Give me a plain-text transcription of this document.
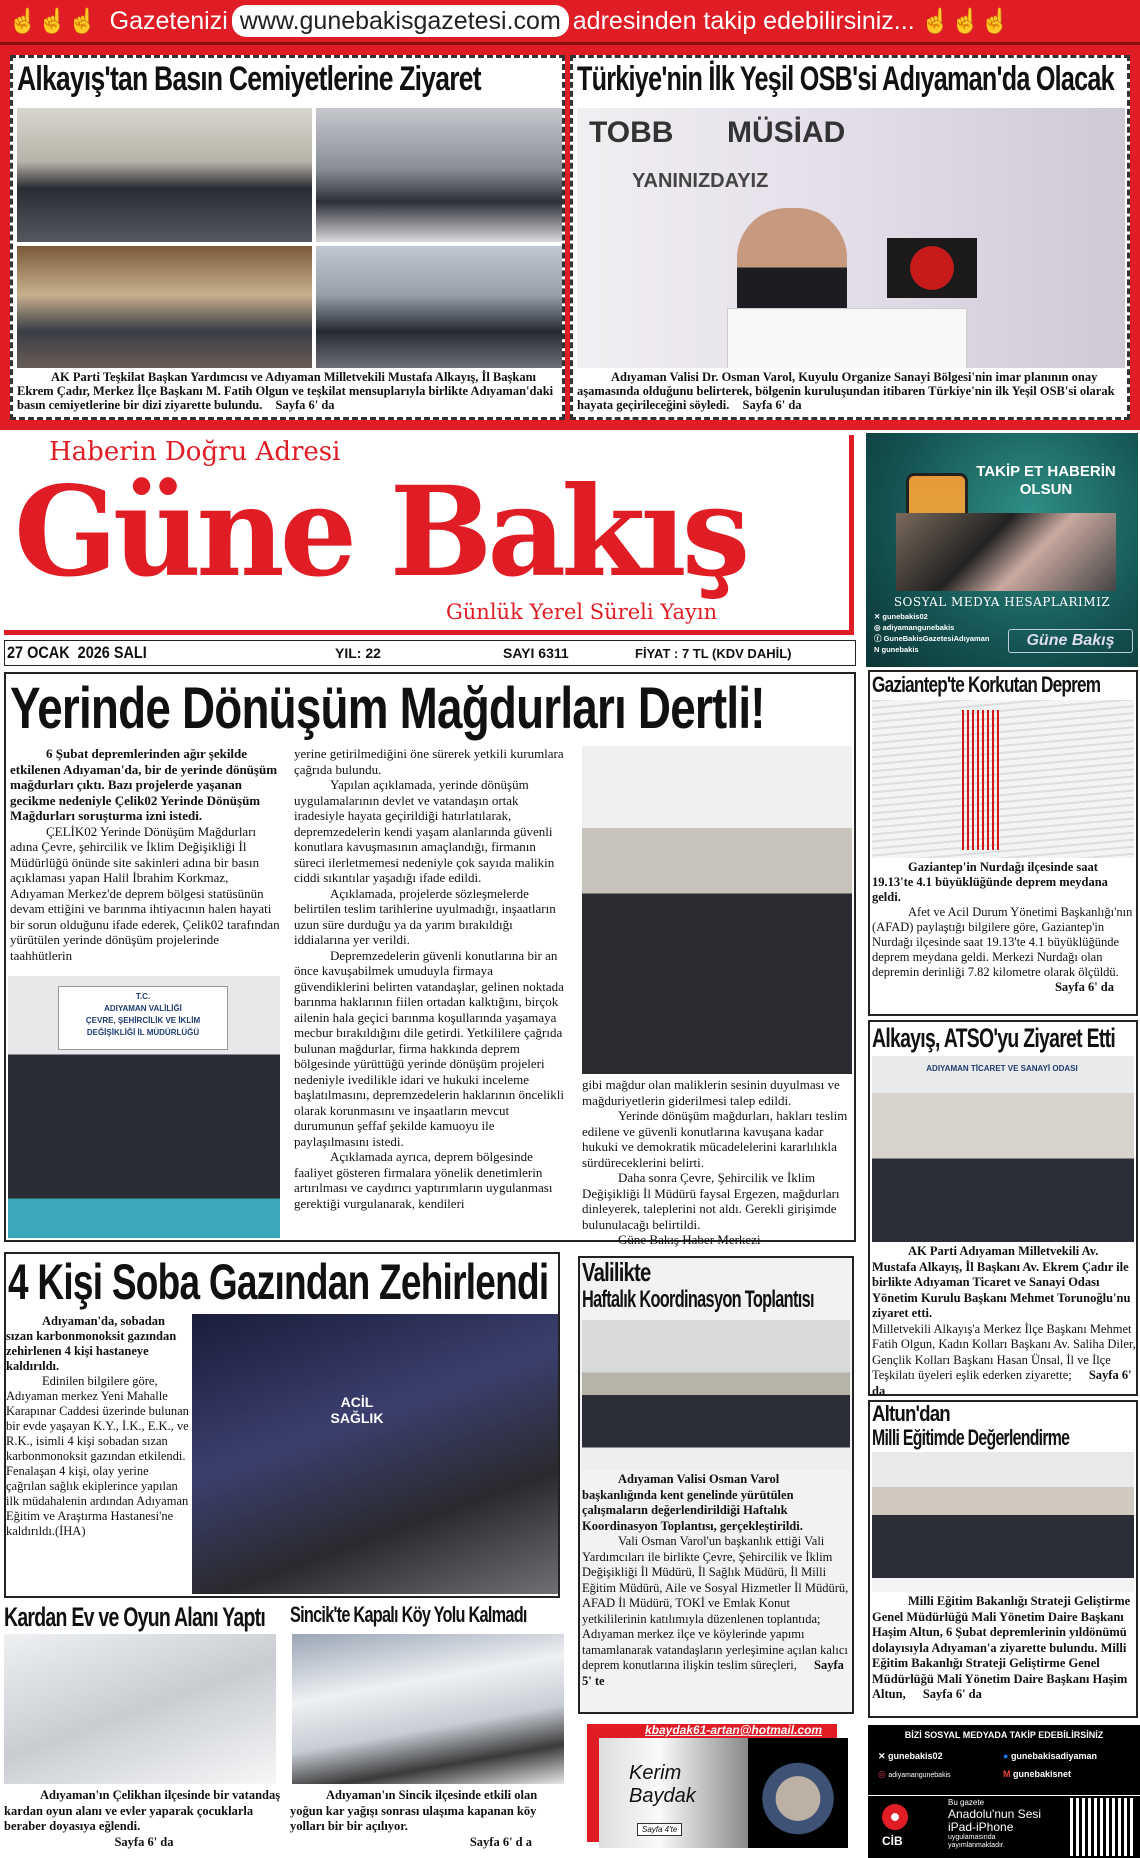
☝☝☝ Gazetenizi www.gunebakisgazetesi.com adresinden takip edebilirsiniz... ☝☝☝
Alkayış'tan Basın Cemiyetlerine Ziyaret
AK Parti Teşkilat Başkan Yardımcısı ve Adıyaman Milletvekili Mustafa Alkayış, İl Başkanı Ekrem Çadır, Merkez İlçe Başkanı M. Fatih Olgun ve teşkilat mensuplarıyla birlikte Adıyaman'daki basın cemiyetlerine bir dizi ziyarette bulundu. Sayfa 6' da
Türkiye'nin İlk Yeşil OSB'si Adıyaman'da Olacak
TOBB MÜSİAD
YANINIZDAYIZ
Adıyaman Valisi Dr. Osman Varol, Kuyulu Organize Sanayi Bölgesi'nin imar planının onay aşamasında olduğunu belirterek, bölgenin kuruluşundan itibaren Türkiye'nin ilk Yeşil OSB'si olarak hayata geçirileceğini söyledi. Sayfa 6' da
Haberin Doğru Adresi
Güne Bakış
Günlük Yerel Süreli Yayın
TAKİP ET HABERİN
OLSUN
SOSYAL MEDYA HESAPLARIMIZ
✕ gunebakis02
◎ adiyamangunebakis
ⓕ GuneBakisGazetesiAdıyaman
N gunebakis
Güne Bakış
27 OCAK  2026 SALI	YIL: 22	SAYI 6311	FİYAT : 7 TL (KDV DAHİL)
Yerinde Dönüşüm Mağdurları Dertli!

6 Şubat depremlerinden ağır şekilde etkilenen Adıyaman'da, bir de yerinde dönüşüm mağdurları çıktı. Bazı projelerde yaşanan gecikme nedeniyle Çelik02 Yerinde Dönüşüm Mağdurları soruşturma izni istedi.

ÇELİK02 Yerinde Dönüşüm Mağdurları adına Çevre, şehircilik ve İklim Değişikliği İl Müdürlüğü önünde site sakinleri adına bir basın açıklaması yapan Halil İbrahim Korkmaz, Adıyaman Merkez'de deprem bölgesi statüsünün devam ettiğini ve barınma ihtiyacının halen hayati bir sorun olduğunu ifade ederek, Çelik02 tarafından yürütülen yerinde dönüşüm projelerinde taahhütlerin

T.C.
ADIYAMAN VALİLİĞİ
ÇEVRE, ŞEHİRCİLİK VE İKLİM
DEĞİŞİKLİĞİ İL MÜDÜRLÜĞÜ

yerine getirilmediğini öne sürerek yetkili kurumlara çağrıda bulundu.

Yapılan açıklamada, yerinde dönüşüm uygulamalarının devlet ve vatandaşın ortak iradesiyle hayata geçirildiği hatırlatılarak, depremzedelerin kendi yaşam alanlarında güvenli konutlara kavuşmasının amaçlandığı, firmanın süreci ilerletmemesi nedeniyle çok sayıda malikin ciddi sıkıntılar yaşadığı ifade edildi.

Açıklamada, projelerde sözleşmelerde belirtilen teslim tarihlerine uyulmadığı, inşaatların uzun süre durduğu ya da yarım bırakıldığı iddialarına yer verildi.

Depremzedelerin güvenli konutlarına bir an önce kavuşabilmek umuduyla firmaya güvendiklerini belirten vatandaşlar, gelinen noktada barınma haklarının fiilen ortadan kalktığını, birçok ailenin hala geçici barınma koşullarında yaşamaya mecbur bırakıldığını dile getirdi. Yetkililere çağrıda bulunan mağdurlar, firma hakkında deprem bölgesinde yürüttüğü yerinde dönüşüm projeleri nedeniyle ivedilikle idari ve hukuki inceleme başlatılmasını, depremzedelerin haklarının öncelikli olarak korunmasını ve inşaatların mevcut durumunun şeffaf şekilde kamuoyu ile paylaşılmasını istedi.

Açıklamada ayrıca, deprem bölgesinde faaliyet gösteren firmalara yönelik denetimlerin artırılması ve caydırıcı yaptırımların uygulanması gerektiği vurgulanarak, kendileri

gibi mağdur olan maliklerin sesinin duyulması ve mağduriyetlerin giderilmesi talep edildi.

Yerinde dönüşüm mağdurları, hakları teslim edilene ve güvenli konutlarına kavuşana kadar hukuki ve demokratik mücadelelerini kararlılıkla sürdüreceklerini belirti.

Daha sonra Çevre, Şehircilik ve İklim Değişikliği İl Müdürü faysal Ergezen, mağdurları dinleyerek, taleplerini not aldı. Gerekli girişimde bulunulacağı belirtildi.

Güne Bakış Haber Merkezi

Gaziantep'te Korkutan Deprem

Gaziantep'in Nurdağı ilçesinde saat 19.13'te 4.1 büyüklüğünde deprem meydana geldi.

Afet ve Acil Durum Yönetimi Başkanlığı'nın (AFAD) paylaştığı bilgilere göre, Gaziantep'in Nurdağı ilçesinde saat 19.13'te 4.1 büyüklüğünde deprem meydana geldi. Merkezi Nurdağı olan depremin derinliği 7.82 kilometre olarak ölçüldü.

Sayfa 6' da

Alkayış, ATSO'yu Ziyaret Etti
ADIYAMAN TİCARET VE SANAYİ ODASI

AK Parti Adıyaman Milletvekili Av. Mustafa Alkayış, İl Başkanı Av. Ekrem Çadır ile birlikte Adıyaman Ticaret ve Sanayi Odası Yönetim Kurulu Başkanı Mehmet Torunoğlu'nu ziyaret etti.

Milletvekili Alkayış'a Merkez İlçe Başkanı Mehmet Fatih Olgun, Kadın Kolları Başkanı Av. Saliha Diler, Gençlik Kolları Başkanı Hasan Ünsal, İl ve İlçe Teşkilatı üyeleri eşlik ederken ziyarette; Sayfa 6' da

4 Kişi Soba Gazından Zehirlendi

Adıyaman'da, sobadan sızan karbonmonoksit gazından zehirlenen 4 kişi hastaneye kaldırıldı.

Edinilen bilgilere göre, Adıyaman merkez Yeni Mahalle Karapınar Caddesi üzerinde bulunan bir evde yaşayan K.Y., İ.K., E.K., ve R.K., isimli 4 kişi sobadan sızan karbonmonoksit gazından etkilendi. Fenalaşan 4 kişi, olay yerine çağrılan sağlık ekiplerince yapılan ilk müdahalenin ardından Adıyaman Eğitim ve Araştırma Hastanesi'ne kaldırıldı.(İHA)

ACİL
SAĞLIK
Valilikte
Haftalık Koordinasyon Toplantısı

Adıyaman Valisi Osman Varol başkanlığında kent genelinde yürütülen çalışmaların değerlendirildiği Haftalık Koordinasyon Toplantısı, gerçekleştirildi.

Vali Osman Varol'un başkanlık ettiği Vali Yardımcıları ile birlikte Çevre, Şehircilik ve İklim Değişikliği İl Müdürü, İl Sağlık Müdürü, İl Milli Eğitim Müdürü, Aile ve Sosyal Hizmetler İl Müdürü, AFAD İl Müdürü, TOKİ ve Emlak Konut yetkililerinin katılımıyla düzenlenen toplantıda; Adıyaman merkez ilçe ve köylerinde yapımı tamamlanarak vatandaşların yerleşimine açılan kalıcı deprem konutlarına ilişkin teslim süreçleri, Sayfa 5' te

Altun'dan
Milli Eğitimde Değerlendirme

Milli Eğitim Bakanlığı Strateji Geliştirme Genel Müdürlüğü Mali Yönetim Daire Başkanı Haşim Altun, 6 Şubat depremlerinin yıldönümü dolayısıyla Adıyaman'a ziyarette bulundu. Milli Eğitim Bakanlığı Strateji Geliştirme Genel Müdürlüğü Mali Yönetim Daire Başkanı Haşim Altun, Sayfa 6' da

Kardan Ev ve Oyun Alanı Yaptı

Adıyaman'ın Çelikhan ilçesinde bir vatandaş kardan oyun alanı ve evler yaparak çocuklarla beraber doyasıya eğlendi.

Sayfa 6' da

Sincik'te Kapalı Köy Yolu Kalmadı

Adıyaman'ın Sincik ilçesinde etkili olan yoğun kar yağışı sonrası ulaşıma kapanan köy yolları bir bir açılıyor.

Sayfa 6' d a

kbaydak61-artan@hotmail.com
Kerim
Baydak
Sayfa 4'te
BİZİ SOSYAL MEDYADA TAKİP EDEBİLİRSİNİZ
✕ gunebakis02
◎ adiyamangunebakis
● gunebakisadiyaman
M gunebakisnet
CİB
Bu gazete
Anadolu'nun Sesi
iPad-iPhone
uygulamasında
yayımlanmaktadır.
